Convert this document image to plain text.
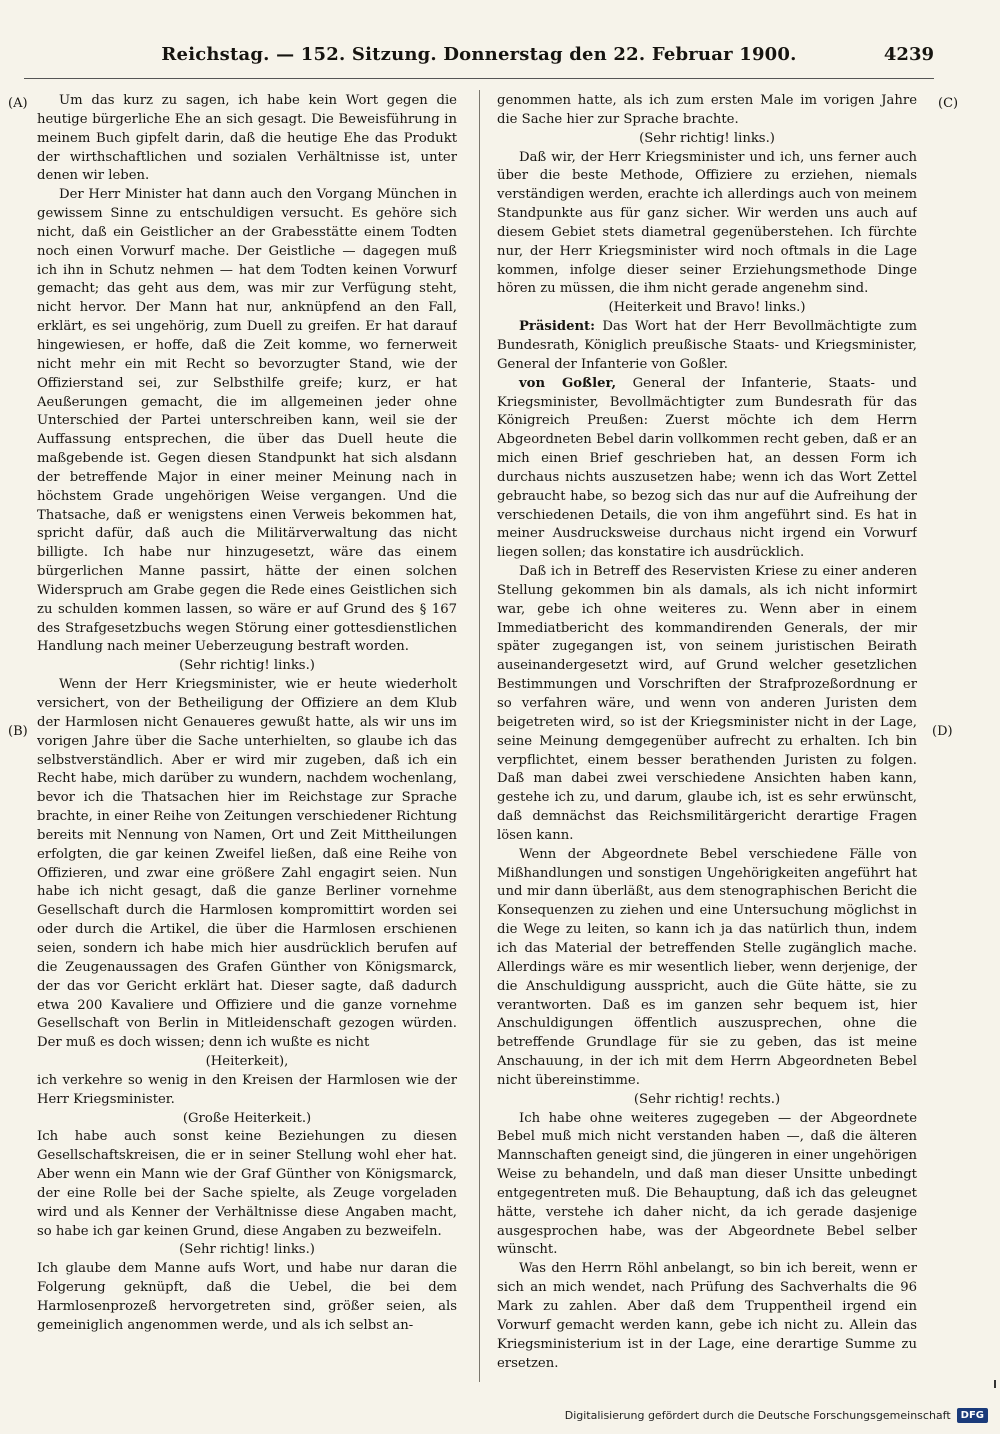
Reichstag. — 152. Sitzung. Donnerstag den 22. Februar 1900.	4239
(A)
(B)
(C)
(D)

Um das kurz zu sagen, ich habe kein Wort gegen die heutige bürgerliche Ehe an sich gesagt. Die Beweisführung in meinem Buch gipfelt darin, daß die heutige Ehe das Produkt der wirthschaftlichen und sozialen Verhältnisse ist, unter denen wir leben.

Der Herr Minister hat dann auch den Vorgang München in gewissem Sinne zu entschuldigen versucht. Es gehöre sich nicht, daß ein Geistlicher an der Grabesstätte einem Todten noch einen Vorwurf mache. Der Geistliche — dagegen muß ich ihn in Schutz nehmen — hat dem Todten keinen Vorwurf gemacht; das geht aus dem, was mir zur Verfügung steht, nicht hervor. Der Mann hat nur, anknüpfend an den Fall, erklärt, es sei ungehörig, zum Duell zu greifen. Er hat darauf hingewiesen, er hoffe, daß die Zeit komme, wo fernerweit nicht mehr ein mit Recht so bevorzugter Stand, wie der Offizierstand sei, zur Selbsthilfe greife; kurz, er hat Aeußerungen gemacht, die im allgemeinen jeder ohne Unterschied der Partei unterschreiben kann, weil sie der Auffassung entsprechen, die über das Duell heute die maßgebende ist. Gegen diesen Standpunkt hat sich alsdann der betreffende Major in einer meiner Meinung nach in höchstem Grade ungehörigen Weise vergangen. Und die Thatsache, daß er wenigstens einen Verweis bekommen hat, spricht dafür, daß auch die Militärverwaltung das nicht billigte. Ich habe nur hinzugesetzt, wäre das einem bürgerlichen Manne passirt, hätte der einen solchen Widerspruch am Grabe gegen die Rede eines Geistlichen sich zu schulden kommen lassen, so wäre er auf Grund des § 167 des Strafgesetzbuchs wegen Störung einer gottesdienstlichen Handlung nach meiner Ueberzeugung bestraft worden.

(Sehr richtig! links.)

Wenn der Herr Kriegsminister, wie er heute wiederholt versichert, von der Betheiligung der Offiziere an dem Klub der Harmlosen nicht Genaueres gewußt hatte, als wir uns im vorigen Jahre über die Sache unterhielten, so glaube ich das selbstverständlich. Aber er wird mir zugeben, daß ich ein Recht habe, mich darüber zu wundern, nachdem wochenlang, bevor ich die Thatsachen hier im Reichstage zur Sprache brachte, in einer Reihe von Zeitungen verschiedener Richtung bereits mit Nennung von Namen, Ort und Zeit Mittheilungen erfolgten, die gar keinen Zweifel ließen, daß eine Reihe von Offizieren, und zwar eine größere Zahl engagirt seien. Nun habe ich nicht gesagt, daß die ganze Berliner vornehme Gesellschaft durch die Harmlosen kompromittirt worden sei oder durch die Artikel, die über die Harmlosen erschienen seien, sondern ich habe mich hier ausdrücklich berufen auf die Zeugenaussagen des Grafen Günther von Königsmarck, der das vor Gericht erklärt hat. Dieser sagte, daß dadurch etwa 200 Kavaliere und Offiziere und die ganze vornehme Gesellschaft von Berlin in Mitleidenschaft gezogen würden. Der muß es doch wissen; denn ich wußte es nicht

(Heiterkeit),

ich verkehre so wenig in den Kreisen der Harmlosen wie der Herr Kriegsminister.

(Große Heiterkeit.)

Ich habe auch sonst keine Beziehungen zu diesen Gesellschaftskreisen, die er in seiner Stellung wohl eher hat. Aber wenn ein Mann wie der Graf Günther von Königsmarck, der eine Rolle bei der Sache spielte, als Zeuge vorgeladen wird und als Kenner der Verhältnisse diese Angaben macht, so habe ich gar keinen Grund, diese Angaben zu bezweifeln.

(Sehr richtig! links.)

Ich glaube dem Manne aufs Wort, und habe nur daran die Folgerung geknüpft, daß die Uebel, die bei dem Harmlosenprozeß hervorgetreten sind, größer seien, als gemeiniglich angenommen werde, und als ich selbst an-

genommen hatte, als ich zum ersten Male im vorigen Jahre die Sache hier zur Sprache brachte.

(Sehr richtig! links.)

Daß wir, der Herr Kriegsminister und ich, uns ferner auch über die beste Methode, Offiziere zu erziehen, niemals verständigen werden, erachte ich allerdings auch von meinem Standpunkte aus für ganz sicher. Wir werden uns auch auf diesem Gebiet stets diametral gegenüberstehen. Ich fürchte nur, der Herr Kriegsminister wird noch oftmals in die Lage kommen, infolge dieser seiner Erziehungsmethode Dinge hören zu müssen, die ihm nicht gerade angenehm sind.

(Heiterkeit und Bravo! links.)

Präsident: Das Wort hat der Herr Bevollmächtigte zum Bundesrath, Königlich preußische Staats- und Kriegsminister, General der Infanterie von Goßler.

von Goßler, General der Infanterie, Staats- und Kriegsminister, Bevollmächtigter zum Bundesrath für das Königreich Preußen: Zuerst möchte ich dem Herrn Abgeordneten Bebel darin vollkommen recht geben, daß er an mich einen Brief geschrieben hat, an dessen Form ich durchaus nichts auszusetzen habe; wenn ich das Wort Zettel gebraucht habe, so bezog sich das nur auf die Aufreihung der verschiedenen Details, die von ihm angeführt sind. Es hat in meiner Ausdrucksweise durchaus nicht irgend ein Vorwurf liegen sollen; das konstatire ich ausdrücklich.

Daß ich in Betreff des Reservisten Kriese zu einer anderen Stellung gekommen bin als damals, als ich nicht informirt war, gebe ich ohne weiteres zu. Wenn aber in einem Immediatbericht des kommandirenden Generals, der mir später zugegangen ist, von seinem juristischen Beirath auseinandergesetzt wird, auf Grund welcher gesetzlichen Bestimmungen und Vorschriften der Strafprozeßordnung er so verfahren wäre, und wenn von anderen Juristen dem beigetreten wird, so ist der Kriegsminister nicht in der Lage, seine Meinung demgegenüber aufrecht zu erhalten. Ich bin verpflichtet, einem besser berathenden Juristen zu folgen. Daß man dabei zwei verschiedene Ansichten haben kann, gestehe ich zu, und darum, glaube ich, ist es sehr erwünscht, daß demnächst das Reichsmilitärgericht derartige Fragen lösen kann.

Wenn der Abgeordnete Bebel verschiedene Fälle von Mißhandlungen und sonstigen Ungehörigkeiten angeführt hat und mir dann überläßt, aus dem stenographischen Bericht die Konsequenzen zu ziehen und eine Untersuchung möglichst in die Wege zu leiten, so kann ich ja das natürlich thun, indem ich das Material der betreffenden Stelle zugänglich mache. Allerdings wäre es mir wesentlich lieber, wenn derjenige, der die Anschuldigung ausspricht, auch die Güte hätte, sie zu verantworten. Daß es im ganzen sehr bequem ist, hier Anschuldigungen öffentlich auszusprechen, ohne die betreffende Grundlage für sie zu geben, das ist meine Anschauung, in der ich mit dem Herrn Abgeordneten Bebel nicht übereinstimme.

(Sehr richtig! rechts.)

Ich habe ohne weiteres zugegeben — der Abgeordnete Bebel muß mich nicht verstanden haben —, daß die älteren Mannschaften geneigt sind, die jüngeren in einer ungehörigen Weise zu behandeln, und daß man dieser Unsitte unbedingt entgegentreten muß. Die Behauptung, daß ich das geleugnet hätte, verstehe ich daher nicht, da ich gerade dasjenige ausgesprochen habe, was der Abgeordnete Bebel selber wünscht.

Was den Herrn Röhl anbelangt, so bin ich bereit, wenn er sich an mich wendet, nach Prüfung des Sachverhalts die 96 Mark zu zahlen. Aber daß dem Truppentheil irgend ein Vorwurf gemacht werden kann, gebe ich nicht zu. Allein das Kriegsministerium ist in der Lage, eine derartige Summe zu ersetzen.

Digitalisierung gefördert durch die Deutsche Forschungsgemeinschaft	DFG
